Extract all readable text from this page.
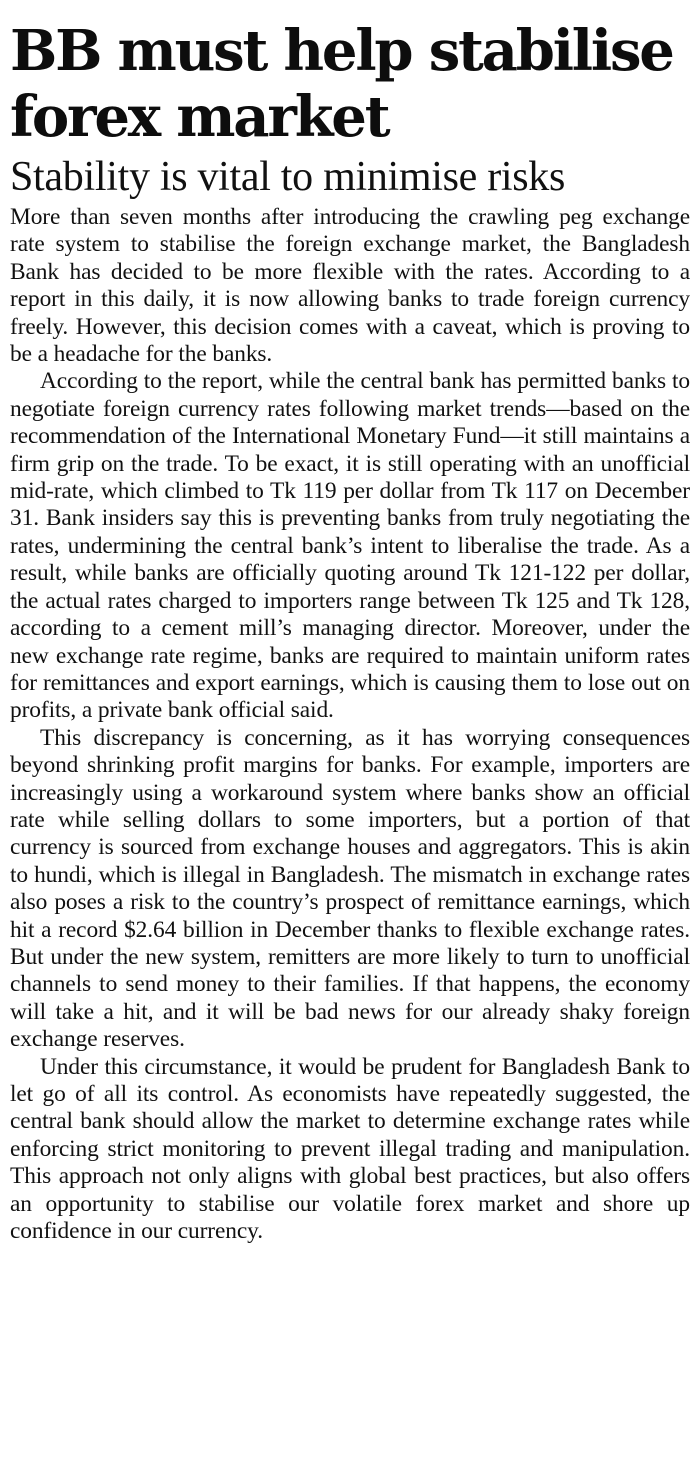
BB must help stabilise forex market
Stability is vital to minimise risks

More than seven months after introducing the crawling peg exchange rate system to stabilise the foreign exchange market, the Bangladesh Bank has decided to be more flexible with the rates. According to a report in this daily, it is now allowing banks to trade foreign currency freely. However, this decision comes with a caveat, which is proving to be a headache for the banks.

According to the report, while the central bank has permitted banks to negotiate foreign currency rates following market trends—based on the recommendation of the International Monetary Fund—it still maintains a firm grip on the trade. To be exact, it is still operating with an unofficial mid-rate, which climbed to Tk 119 per dollar from Tk 117 on December 31. Bank insiders say this is preventing banks from truly negotiating the rates, undermining the central bank’s intent to liberalise the trade. As a result, while banks are officially quoting around Tk 121-122 per dollar, the actual rates charged to importers range between Tk 125 and Tk 128, according to a cement mill’s managing director. Moreover, under the new exchange rate regime, banks are required to maintain uniform rates for remittances and export earnings, which is causing them to lose out on profits, a private bank official said.

This discrepancy is concerning, as it has worrying consequences beyond shrinking profit margins for banks. For example, importers are increasingly using a workaround system where banks show an official rate while selling dollars to some importers, but a portion of that currency is sourced from exchange houses and aggregators. This is akin to hundi, which is illegal in Bangladesh. The mismatch in exchange rates also poses a risk to the country’s prospect of remittance earnings, which hit a record $2.64 billion in December thanks to flexible exchange rates. But under the new system, remitters are more likely to turn to unofficial channels to send money to their families. If that happens, the economy will take a hit, and it will be bad news for our already shaky foreign exchange reserves.

Under this circumstance, it would be prudent for Bangladesh Bank to let go of all its control. As economists have repeatedly suggested, the central bank should allow the market to determine exchange rates while enforcing strict monitoring to prevent illegal trading and manipulation. This approach not only aligns with global best practices, but also offers an opportunity to stabilise our volatile forex market and shore up confidence in our currency.
